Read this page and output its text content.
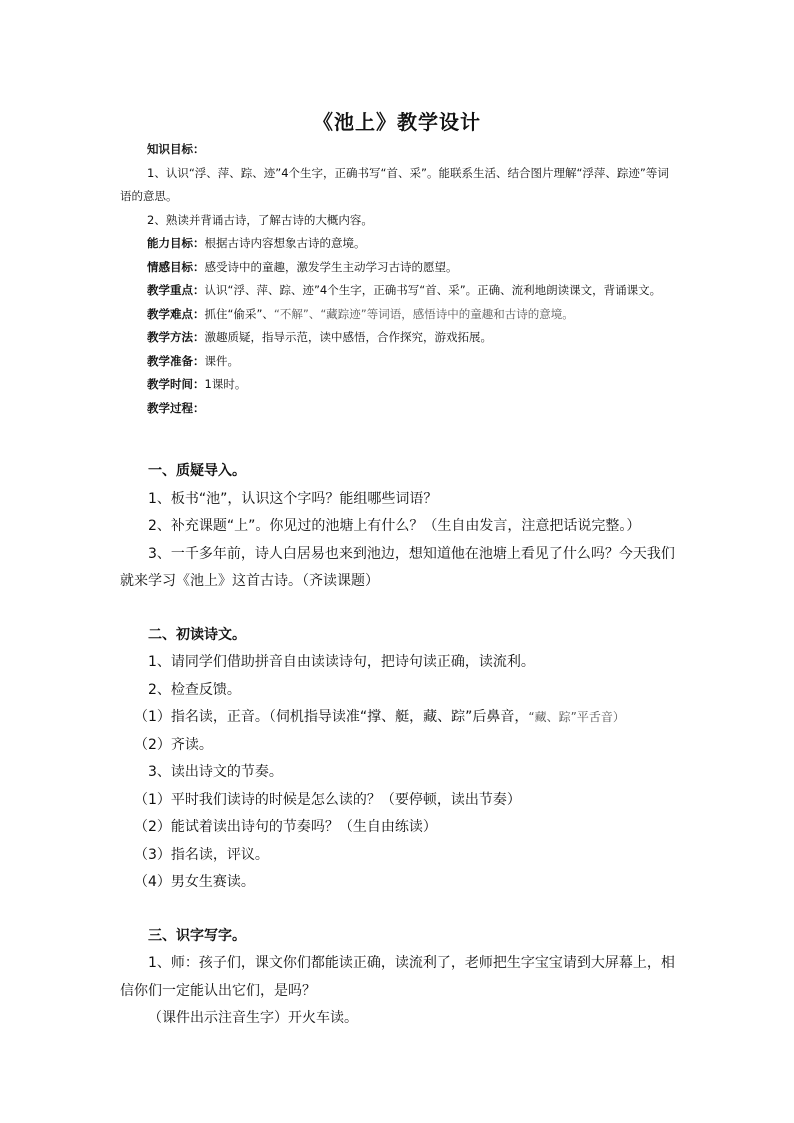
《池上》教学设计

知识目标：

1、认识“浮、萍、踪、迹”4个生字，正确书写“首、采”。能联系生活、结合图片理解“浮萍、踪迹”等词语的意思。

2、熟读并背诵古诗，了解古诗的大概内容。

能力目标：根据古诗内容想象古诗的意境。

情感目标：感受诗中的童趣，激发学生主动学习古诗的愿望。

教学重点：认识“浮、萍、踪、迹”4个生字，正确书写“首、采”。正确、流利地朗读课文，背诵课文。

教学难点：抓住“偷采”、“不解”、“藏踪迹”等词语，感悟诗中的童趣和古诗的意境。

教学方法：激趣质疑，指导示范，读中感悟，合作探究，游戏拓展。

教学准备：课件。

教学时间：1课时。

教学过程：

一、质疑导入。

1、板书“池”，认识这个字吗？能组哪些词语？

2、补充课题“上”。你见过的池塘上有什么？（生自由发言，注意把话说完整。）

3、一千多年前，诗人白居易也来到池边，想知道他在池塘上看见了什么吗？今天我们就来学习《池上》这首古诗。（齐读课题）

二、初读诗文。

1、请同学们借助拼音自由读读诗句，把诗句读正确，读流利。

2、检查反馈。

（1）指名读，正音。（伺机指导读准“撑、艇，藏、踪”后鼻音，“藏、踪”平舌音）

（2）齐读。

3、读出诗文的节奏。

（1）平时我们读诗的时候是怎么读的？（要停顿，读出节奏）

（2）能试着读出诗句的节奏吗？（生自由练读）

（3）指名读，评议。

（4）男女生赛读。

三、识字写字。

1、师：孩子们，课文你们都能读正确，读流利了，老师把生字宝宝请到大屏幕上，相信你们一定能认出它们，是吗？

（课件出示注音生字）开火车读。
